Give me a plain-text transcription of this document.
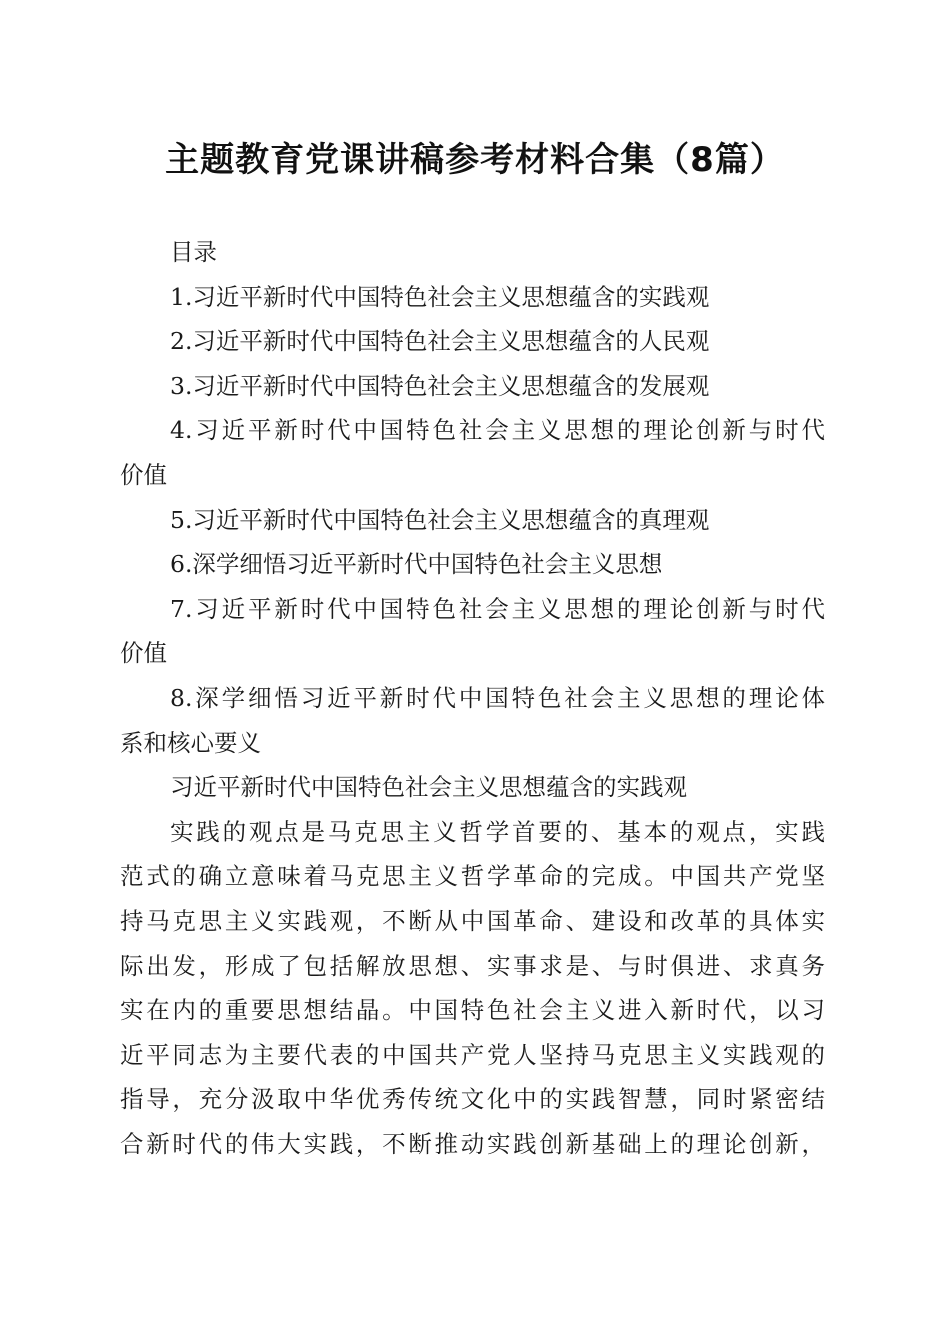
主题教育党课讲稿参考材料合集（8篇）

目录

1.习近平新时代中国特色社会主义思想蕴含的实践观

2.习近平新时代中国特色社会主义思想蕴含的人民观

3.习近平新时代中国特色社会主义思想蕴含的发展观

4.习近平新时代中国特色社会主义思想的理论创新与时代

价值

5.习近平新时代中国特色社会主义思想蕴含的真理观

6.深学细悟习近平新时代中国特色社会主义思想

7.习近平新时代中国特色社会主义思想的理论创新与时代

价值

8.深学细悟习近平新时代中国特色社会主义思想的理论体

系和核心要义

习近平新时代中国特色社会主义思想蕴含的实践观

实践的观点是马克思主义哲学首要的、基本的观点，实践

范式的确立意味着马克思主义哲学革命的完成。中国共产党坚

持马克思主义实践观，不断从中国革命、建设和改革的具体实

际出发，形成了包括解放思想、实事求是、与时俱进、求真务

实在内的重要思想结晶。中国特色社会主义进入新时代，以习

近平同志为主要代表的中国共产党人坚持马克思主义实践观的

指导，充分汲取中华优秀传统文化中的实践智慧，同时紧密结

合新时代的伟大实践，不断推动实践创新基础上的理论创新，
